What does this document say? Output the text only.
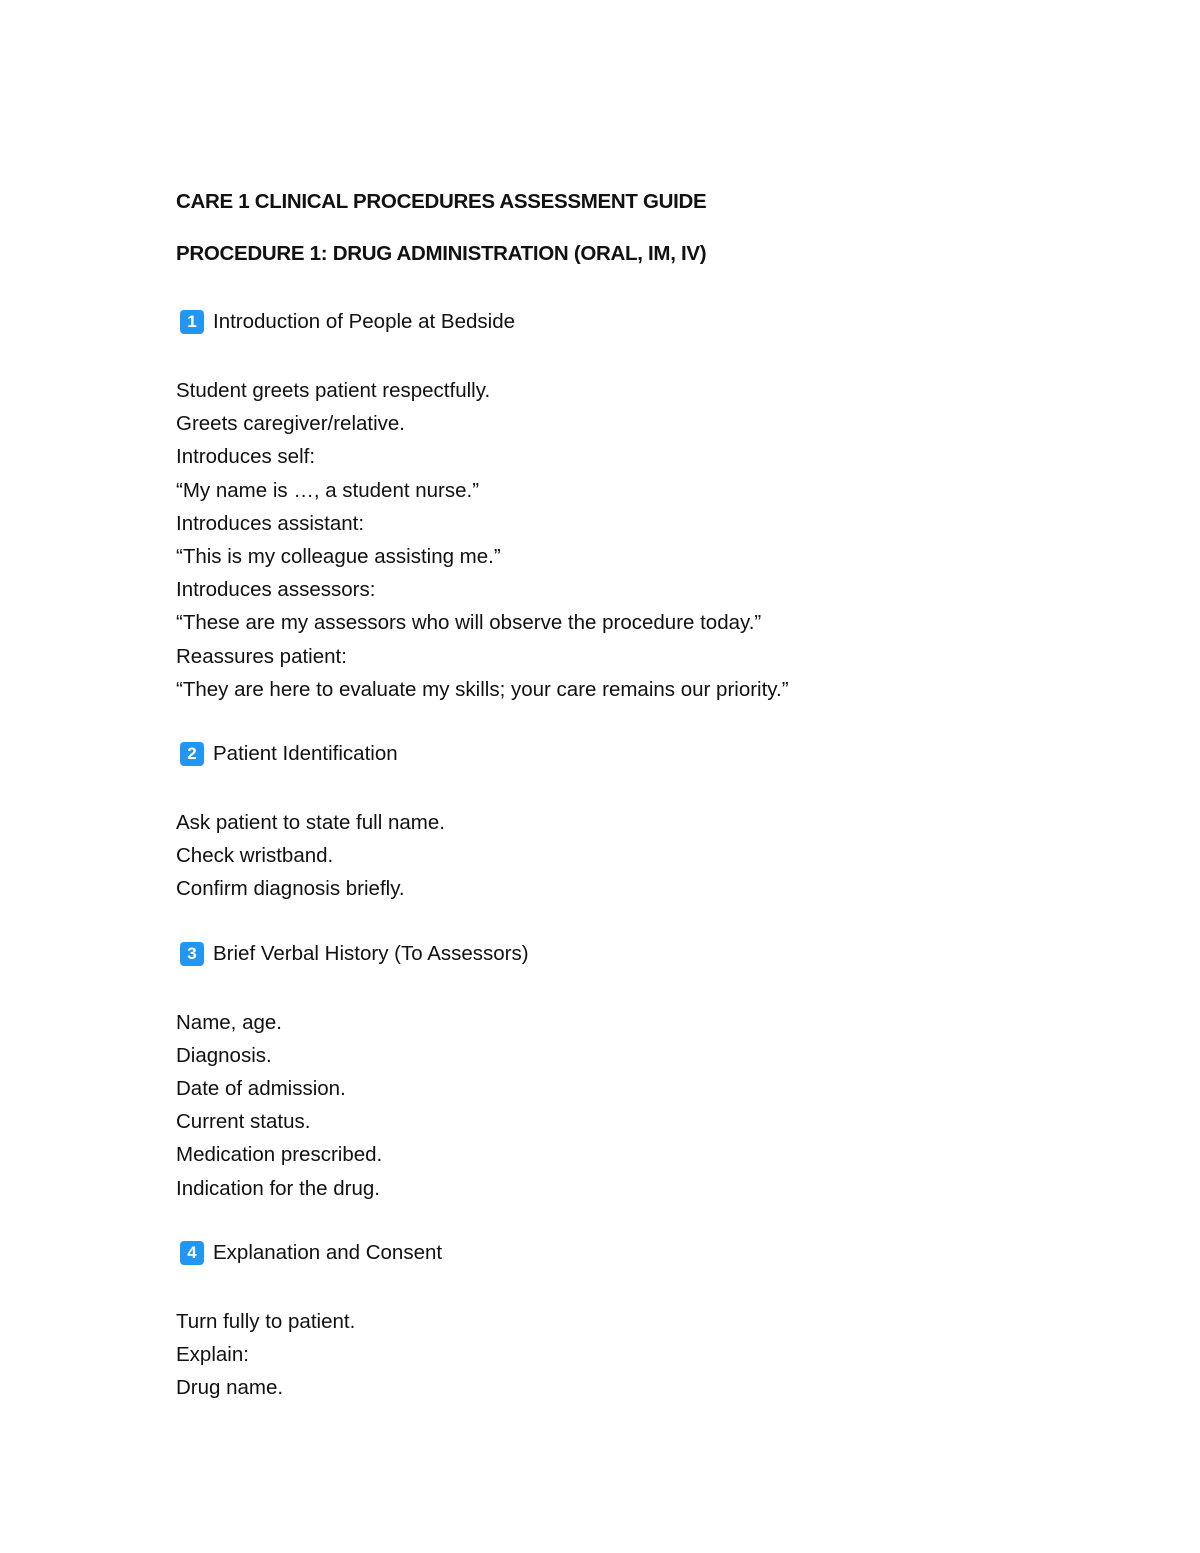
CARE 1 CLINICAL PROCEDURES ASSESSMENT GUIDE
PROCEDURE 1: DRUG ADMINISTRATION (ORAL, IM, IV)
1 Introduction of People at Bedside
Student greets patient respectfully.
Greets caregiver/relative.
Introduces self:
“My name is …, a student nurse.”
Introduces assistant:
“This is my colleague assisting me.”
Introduces assessors:
“These are my assessors who will observe the procedure today.”
Reassures patient:
“They are here to evaluate my skills; your care remains our priority.”
2 Patient Identification
Ask patient to state full name.
Check wristband.
Confirm diagnosis briefly.
3 Brief Verbal History (To Assessors)
Name, age.
Diagnosis.
Date of admission.
Current status.
Medication prescribed.
Indication for the drug.
4 Explanation and Consent
Turn fully to patient.
Explain:
Drug name.
